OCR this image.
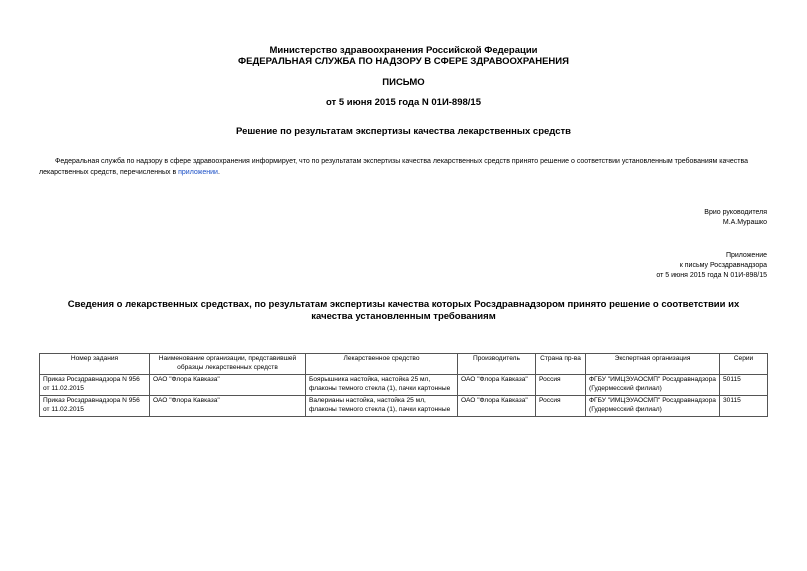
Министерство здравоохранения Российской Федерации
ФЕДЕРАЛЬНАЯ СЛУЖБА ПО НАДЗОРУ В СФЕРЕ ЗДРАВООХРАНЕНИЯ
ПИСЬМО
от 5 июня 2015 года N 01И-898/15
Решение по результатам экспертизы качества лекарственных средств
Федеральная служба по надзору в сфере здравоохранения информирует, что по результатам экспертизы качества лекарственных средств принято решение о соответствии установленным требованиям качества лекарственных средств, перечисленных в приложении.
Врио руководителя
М.А.Мурашко
Приложение
к письму Росздравнадзора
от 5 июня 2015 года N 01И-898/15
Сведения о лекарственных средствах, по результатам экспертизы качества которых Росздравнадзором принято решение о соответствии их качества установленным требованиям
Номер задания	Наименование организации, представившей образцы лекарственных средств	Лекарственное средство	Производитель	Страна пр-ва	Экспертная организация	Серии
Приказ Росздравнадзора N 956 от 11.02.2015	ОАО "Флора Кавказа"	Боярышника настойка, настойка 25 мл, флаконы темного стекла (1), пачки картонные	ОАО "Флора Кавказа"	Россия	ФГБУ "ИМЦЭУАОСМП" Росздравнадзора (Гудермесский филиал)	50115
Приказ Росздравнадзора N 956 от 11.02.2015	ОАО "Флора Кавказа"	Валерианы настойка, настойка 25 мл, флаконы темного стекла (1), пачки картонные	ОАО "Флора Кавказа"	Россия	ФГБУ "ИМЦЭУАОСМП" Росздравнадзора (Гудермесский филиал)	30115
